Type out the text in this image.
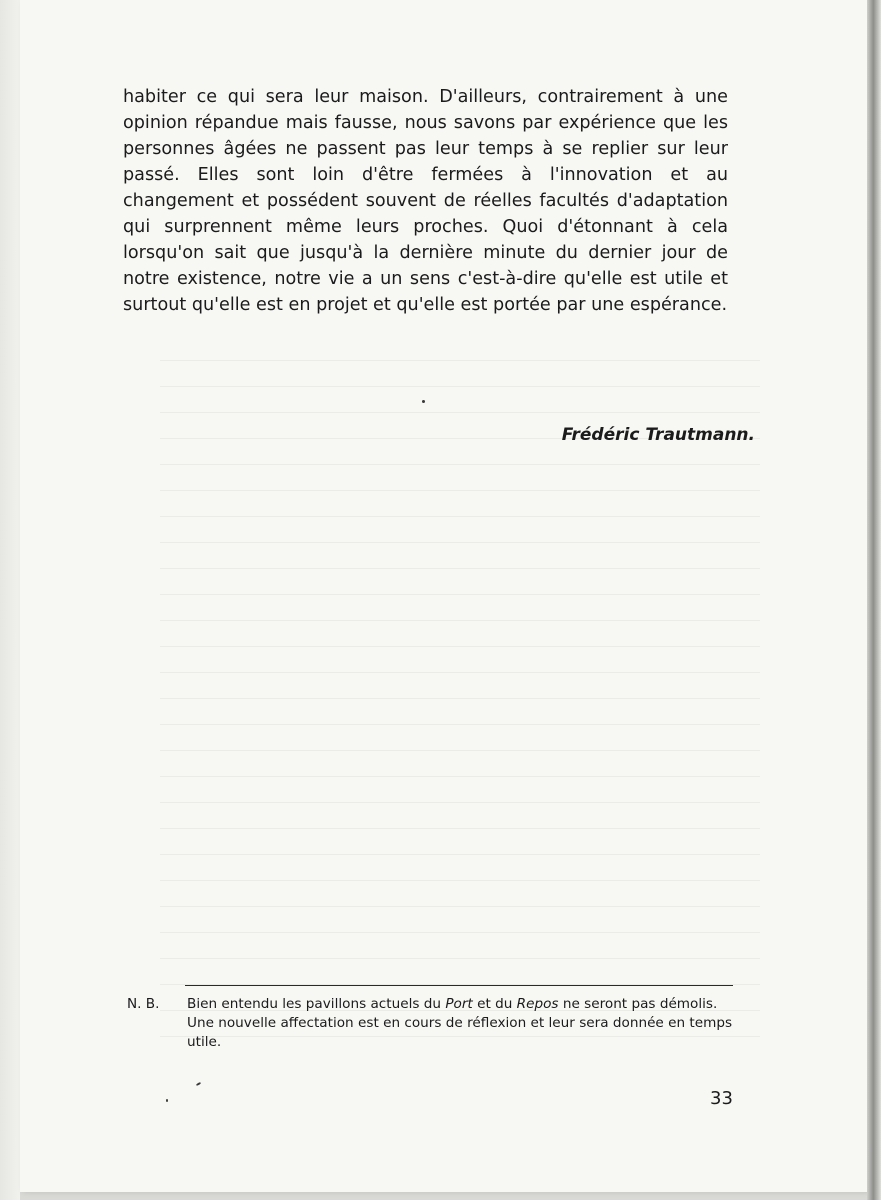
habiter ce qui sera leur maison. D'ailleurs, contrairement à une opinion répandue mais fausse, nous savons par expérience que les personnes âgées ne passent pas leur temps à se replier sur leur passé. Elles sont loin d'être fermées à l'innovation et au changement et possédent souvent de réelles facultés d'adaptation qui surprennent même leurs proches. Quoi d'étonnant à cela lorsqu'on sait que jusqu'à la dernière minute du dernier jour de notre existence, notre vie a un sens c'est-à-dire qu'elle est utile et surtout qu'elle est en projet et qu'elle est portée par une espérance.

Frédéric Trautmann.

N. B. Bien entendu les pavillons actuels du Port et du Repos ne seront pas démolis. Une nouvelle affectation est en cours de réflexion et leur sera donnée en temps utile.

33
